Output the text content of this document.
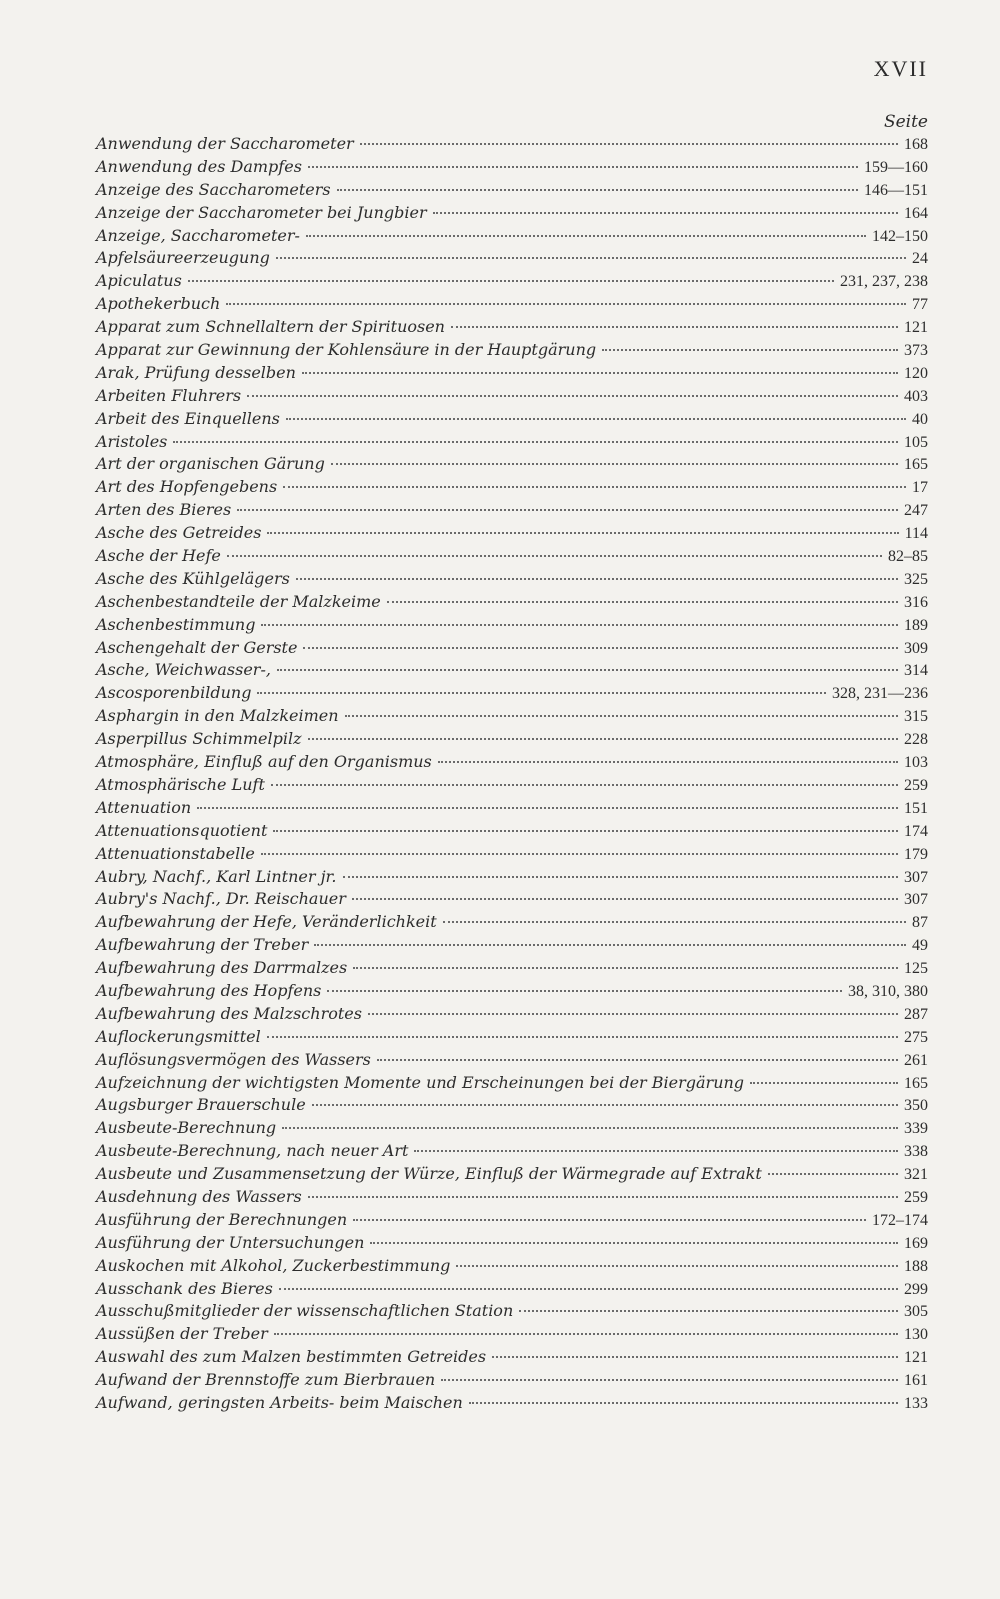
XVII
Seite
Anwendung der Saccharometer	168
Anwendung des Dampfes	159—160
Anzeige des Saccharometers	146—151
Anzeige der Saccharometer bei Jungbier	164
Anzeige, Saccharometer-	142–150
Apfelsäureerzeugung	24
Apiculatus	231, 237, 238
Apothekerbuch	77
Apparat zum Schnellaltern der Spirituosen	121
Apparat zur Gewinnung der Kohlensäure in der Hauptgärung	373
Arak, Prüfung desselben	120
Arbeiten Fluhrers	403
Arbeit des Einquellens	40
Aristoles	105
Art der organischen Gärung	165
Art des Hopfengebens	17
Arten des Bieres	247
Asche des Getreides	114
Asche der Hefe	82–85
Asche des Kühlgelägers	325
Aschenbestandteile der Malzkeime	316
Aschenbestimmung	189
Aschengehalt der Gerste	309
Asche, Weichwasser-,	314
Ascosporenbildung	328, 231—236
Asphargin in den Malzkeimen	315
Asperpillus Schimmelpilz	228
Atmosphäre, Einfluß auf den Organismus	103
Atmosphärische Luft	259
Attenuation	151
Attenuationsquotient	174
Attenuationstabelle	179
Aubry, Nachf., Karl Lintner jr.	307
Aubry's Nachf., Dr. Reischauer	307
Aufbewahrung der Hefe, Veränderlichkeit	87
Aufbewahrung der Treber	49
Aufbewahrung des Darrmalzes	125
Aufbewahrung des Hopfens	38, 310, 380
Aufbewahrung des Malzschrotes	287
Auflockerungsmittel	275
Auflösungsvermögen des Wassers	261
Aufzeichnung der wichtigsten Momente und Erscheinungen bei der Biergärung	165
Augsburger Brauerschule	350
Ausbeute-Berechnung	339
Ausbeute-Berechnung, nach neuer Art	338
Ausbeute und Zusammensetzung der Würze, Einfluß der Wärmegrade auf Extrakt	321
Ausdehnung des Wassers	259
Ausführung der Berechnungen	172–174
Ausführung der Untersuchungen	169
Auskochen mit Alkohol, Zuckerbestimmung	188
Ausschank des Bieres	299
Ausschußmitglieder der wissenschaftlichen Station	305
Aussüßen der Treber	130
Auswahl des zum Malzen bestimmten Getreides	121
Aufwand der Brennstoffe zum Bierbrauen	161
Aufwand, geringsten Arbeits- beim Maischen	133
